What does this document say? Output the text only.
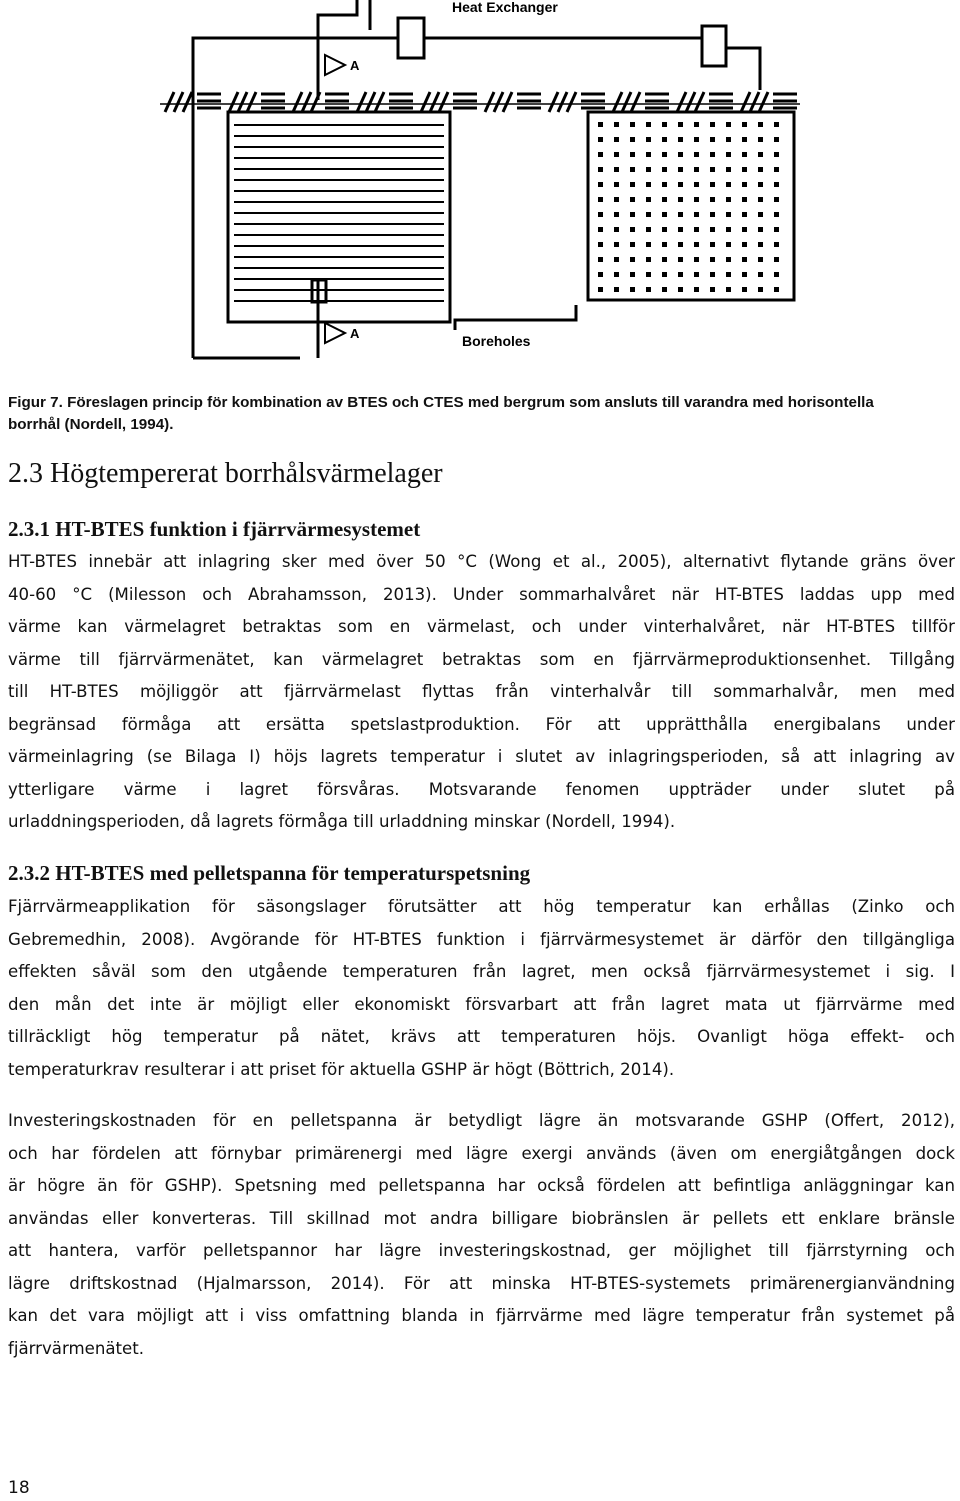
A
A
Heat Exchanger
Boreholes

Figur 7. Föreslagen princip för kombination av BTES och CTES med bergrum som ansluts till varandra med horisontella
borrhål (Nordell, 1994).

2.3 Högtempererat borrhålsvärmelager
2.3.1 HT-BTES funktion i fjärrvärmesystemet
HT-BTES innebär att inlagring sker med över 50 °C (Wong et al., 2005), alternativt flytande gräns över
40-60 °C (Milesson och Abrahamsson, 2013). Under sommarhalvåret när HT-BTES laddas upp med
värme kan värmelagret betraktas som en värmelast, och under vinterhalvåret, när HT-BTES tillför
värme till fjärrvärmenätet, kan värmelagret betraktas som en fjärrvärmeproduktionsenhet. Tillgång
till HT-BTES möjliggör att fjärrvärmelast flyttas från vinterhalvår till sommarhalvår, men med
begränsad förmåga att ersätta spetslastproduktion. För att upprätthålla energibalans under
värmeinlagring (se Bilaga I) höjs lagrets temperatur i slutet av inlagringsperioden, så att inlagring av
ytterligare värme i lagret försvåras. Motsvarande fenomen uppträder under slutet på
urladdningsperioden, då lagrets förmåga till urladdning minskar (Nordell, 1994).
2.3.2 HT-BTES med pelletspanna för temperaturspetsning
Fjärrvärmeapplikation för säsongslager förutsätter att hög temperatur kan erhållas (Zinko och
Gebremedhin, 2008). Avgörande för HT-BTES funktion i fjärrvärmesystemet är därför den tillgängliga
effekten såväl som den utgående temperaturen från lagret, men också fjärrvärmesystemet i sig. I
den mån det inte är möjligt eller ekonomiskt försvarbart att från lagret mata ut fjärrvärme med
tillräckligt hög temperatur på nätet, krävs att temperaturen höjs. Ovanligt höga effekt- och
temperaturkrav resulterar i att priset för aktuella GSHP är högt (Böttrich, 2014).
Investeringskostnaden för en pelletspanna är betydligt lägre än motsvarande GSHP (Offert, 2012),
och har fördelen att förnybar primärenergi med lägre exergi används (även om energiåtgången dock
är högre än för GSHP). Spetsning med pelletspanna har också fördelen att befintliga anläggningar kan
användas eller konverteras. Till skillnad mot andra billigare biobränslen är pellets ett enklare bränsle
att hantera, varför pelletspannor har lägre investeringskostnad, ger möjlighet till fjärrstyrning och
lägre driftskostnad (Hjalmarsson, 2014). För att minska HT-BTES-systemets primärenergianvändning
kan det vara möjligt att i viss omfattning blanda in fjärrvärme med lägre temperatur från systemet på
fjärrvärmenätet.

18
